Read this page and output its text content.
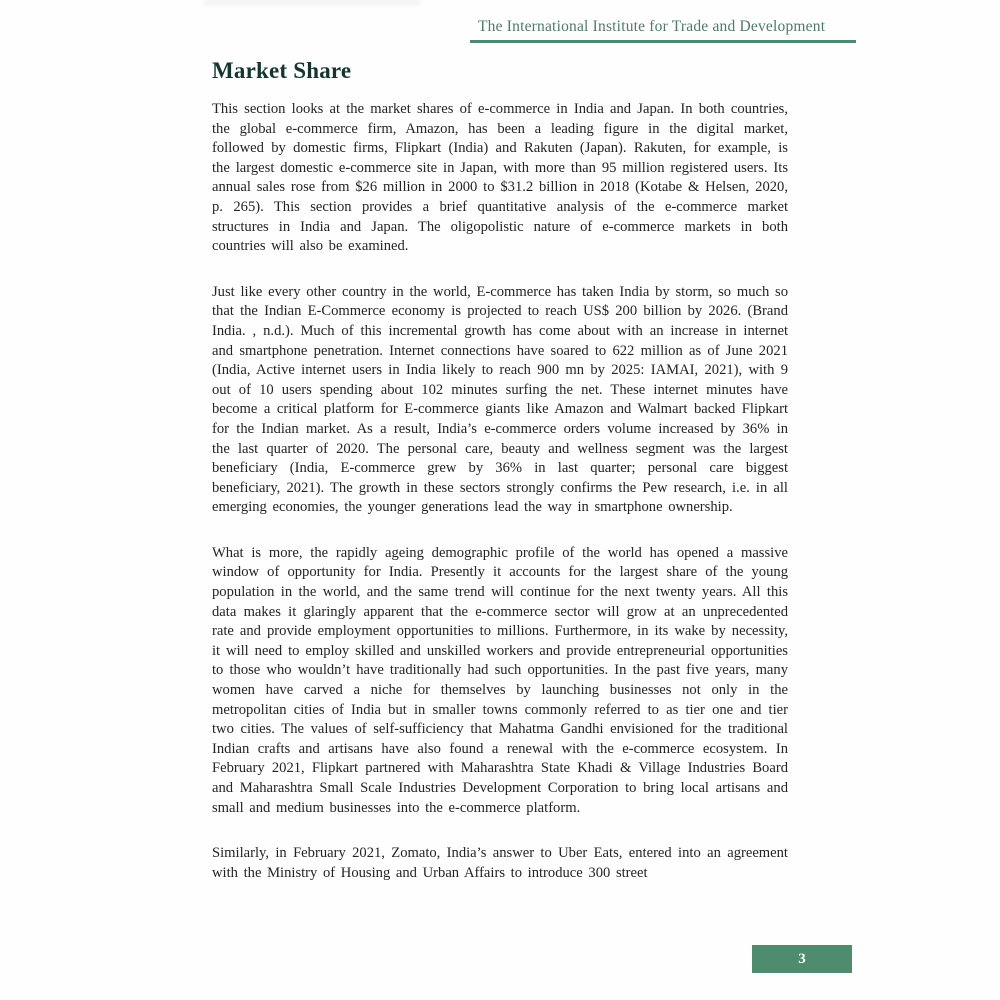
The International Institute for Trade and Development
Market Share

This section looks at the market shares of e-commerce in India and Japan. In both countries, the global e-commerce firm, Amazon, has been a leading figure in the digital market, followed by domestic firms, Flipkart (India) and Rakuten (Japan). Rakuten, for example, is the largest domestic e-commerce site in Japan, with more than 95 million registered users. Its annual sales rose from $26 million in 2000 to $31.2 billion in 2018 (Kotabe & Helsen, 2020, p. 265). This section provides a brief quantitative analysis of the e-commerce market structures in India and Japan. The oligopolistic nature of e-commerce markets in both countries will also be examined.

Just like every other country in the world, E-commerce has taken India by storm, so much so that the Indian E-Commerce economy is projected to reach US$ 200 billion by 2026. (Brand India. , n.d.). Much of this incremental growth has come about with an increase in internet and smartphone penetration. Internet connections have soared to 622 million as of June 2021 (India, Active internet users in India likely to reach 900 mn by 2025: IAMAI, 2021), with 9 out of 10 users spending about 102 minutes surfing the net. These internet minutes have become a critical platform for E-commerce giants like Amazon and Walmart backed Flipkart for the Indian market. As a result, India’s e-commerce orders volume increased by 36% in the last quarter of 2020. The personal care, beauty and wellness segment was the largest beneficiary (India, E-commerce grew by 36% in last quarter; personal care biggest beneficiary, 2021). The growth in these sectors strongly confirms the Pew research, i.e. in all emerging economies, the younger generations lead the way in smartphone ownership.

What is more, the rapidly ageing demographic profile of the world has opened a massive window of opportunity for India. Presently it accounts for the largest share of the young population in the world, and the same trend will continue for the next twenty years. All this data makes it glaringly apparent that the e-commerce sector will grow at an unprecedented rate and provide employment opportunities to millions. Furthermore, in its wake by necessity, it will need to employ skilled and unskilled workers and provide entrepreneurial opportunities to those who wouldn’t have traditionally had such opportunities. In the past five years, many women have carved a niche for themselves by launching businesses not only in the metropolitan cities of India but in smaller towns commonly referred to as tier one and tier two cities. The values of self-sufficiency that Mahatma Gandhi envisioned for the traditional Indian crafts and artisans have also found a renewal with the e-commerce ecosystem. In February 2021, Flipkart partnered with Maharashtra State Khadi & Village Industries Board and Maharashtra Small Scale Industries Development Corporation to bring local artisans and small and medium businesses into the e-commerce platform.

Similarly, in February 2021, Zomato, India’s answer to Uber Eats, entered into an agreement with the Ministry of Housing and Urban Affairs to introduce 300 street

3
